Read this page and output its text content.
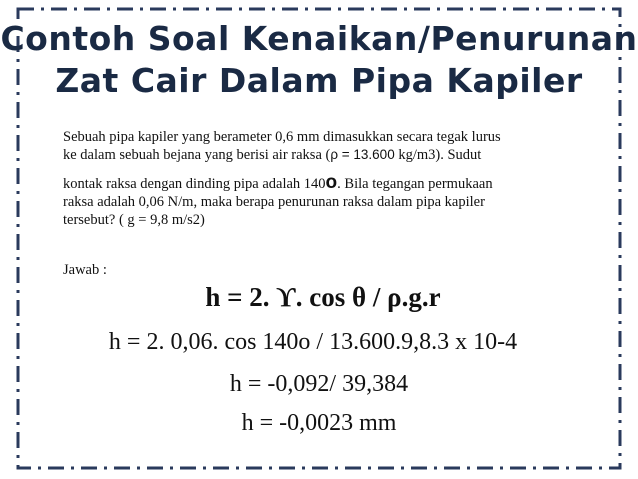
Contoh Soal Kenaikan/Penurunan
Zat Cair Dalam Pipa Kapiler
Sebuah pipa kapiler yang berameter 0,6 mm dimasukkan secara tegak lurus
ke dalam sebuah bejana yang berisi air raksa (ρ = 13.600 kg/m3). Sudut
kontak raksa dengan dinding pipa adalah 140o. Bila tegangan permukaan
raksa adalah 0,06 N/m, maka berapa penurunan raksa dalam pipa kapiler
tersebut? ( g = 9,8 m/s2)
Jawab :
h = 2. ϒ. cos θ / ρ.g.r
h = 2. 0,06. cos 140o / 13.600.9,8.3 x 10-4
h = -0,092/ 39,384
h = -0,0023 mm
